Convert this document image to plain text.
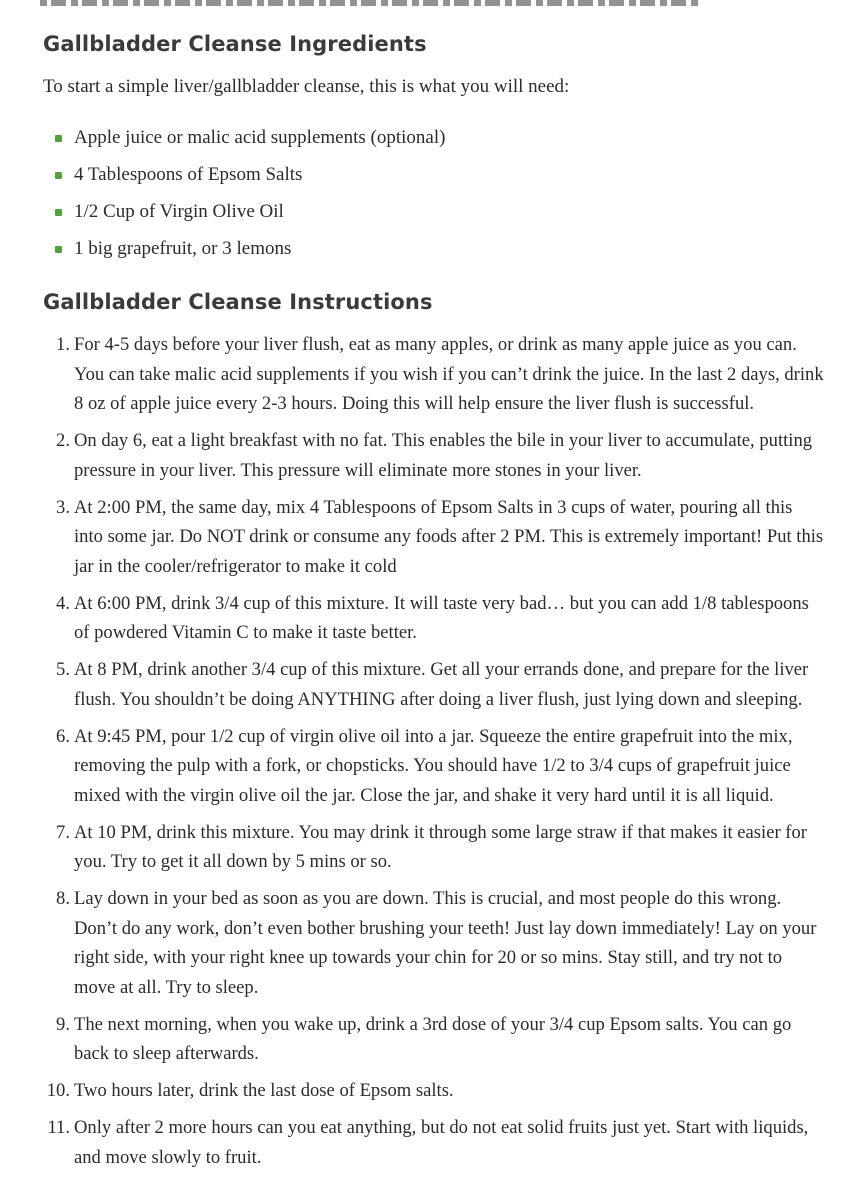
Gallbladder Cleanse Ingredients

To start a simple liver/gallbladder cleanse, this is what you will need:

Apple juice or malic acid supplements (optional)
4 Tablespoons of Epsom Salts
1/2 Cup of Virgin Olive Oil
1 big grapefruit, or 3 lemons
Gallbladder Cleanse Instructions
1. For 4-5 days before your liver flush, eat as many apples, or drink as many apple juice as you can. You can take malic acid supplements if you wish if you can’t drink the juice. In the last 2 days, drink 8 oz of apple juice every 2-3 hours. Doing this will help ensure the liver flush is successful.
2. On day 6, eat a light breakfast with no fat. This enables the bile in your liver to accumulate, putting pressure in your liver. This pressure will eliminate more stones in your liver.
3. At 2:00 PM, the same day, mix 4 Tablespoons of Epsom Salts in 3 cups of water, pouring all this into some jar. Do NOT drink or consume any foods after 2 PM. This is extremely important! Put this jar in the cooler/refrigerator to make it cold
4. At 6:00 PM, drink 3/4 cup of this mixture. It will taste very bad… but you can add 1/8 tablespoons of powdered Vitamin C to make it taste better.
5. At 8 PM, drink another 3/4 cup of this mixture. Get all your errands done, and prepare for the liver flush. You shouldn’t be doing ANYTHING after doing a liver flush, just lying down and sleeping.
6. At 9:45 PM, pour 1/2 cup of virgin olive oil into a jar. Squeeze the entire grapefruit into the mix, removing the pulp with a fork, or chopsticks. You should have 1/2 to 3/4 cups of grapefruit juice mixed with the virgin olive oil the jar. Close the jar, and shake it very hard until it is all liquid.
7. At 10 PM, drink this mixture. You may drink it through some large straw if that makes it easier for you. Try to get it all down by 5 mins or so.
8. Lay down in your bed as soon as you are down. This is crucial, and most people do this wrong. Don’t do any work, don’t even bother brushing your teeth! Just lay down immediately! Lay on your right side, with your right knee up towards your chin for 20 or so mins. Stay still, and try not to move at all. Try to sleep.
9. The next morning, when you wake up, drink a 3rd dose of your 3/4 cup Epsom salts. You can go back to sleep afterwards.
10. Two hours later, drink the last dose of Epsom salts.
11. Only after 2 more hours can you eat anything, but do not eat solid fruits just yet. Start with liquids, and move slowly to fruit.
